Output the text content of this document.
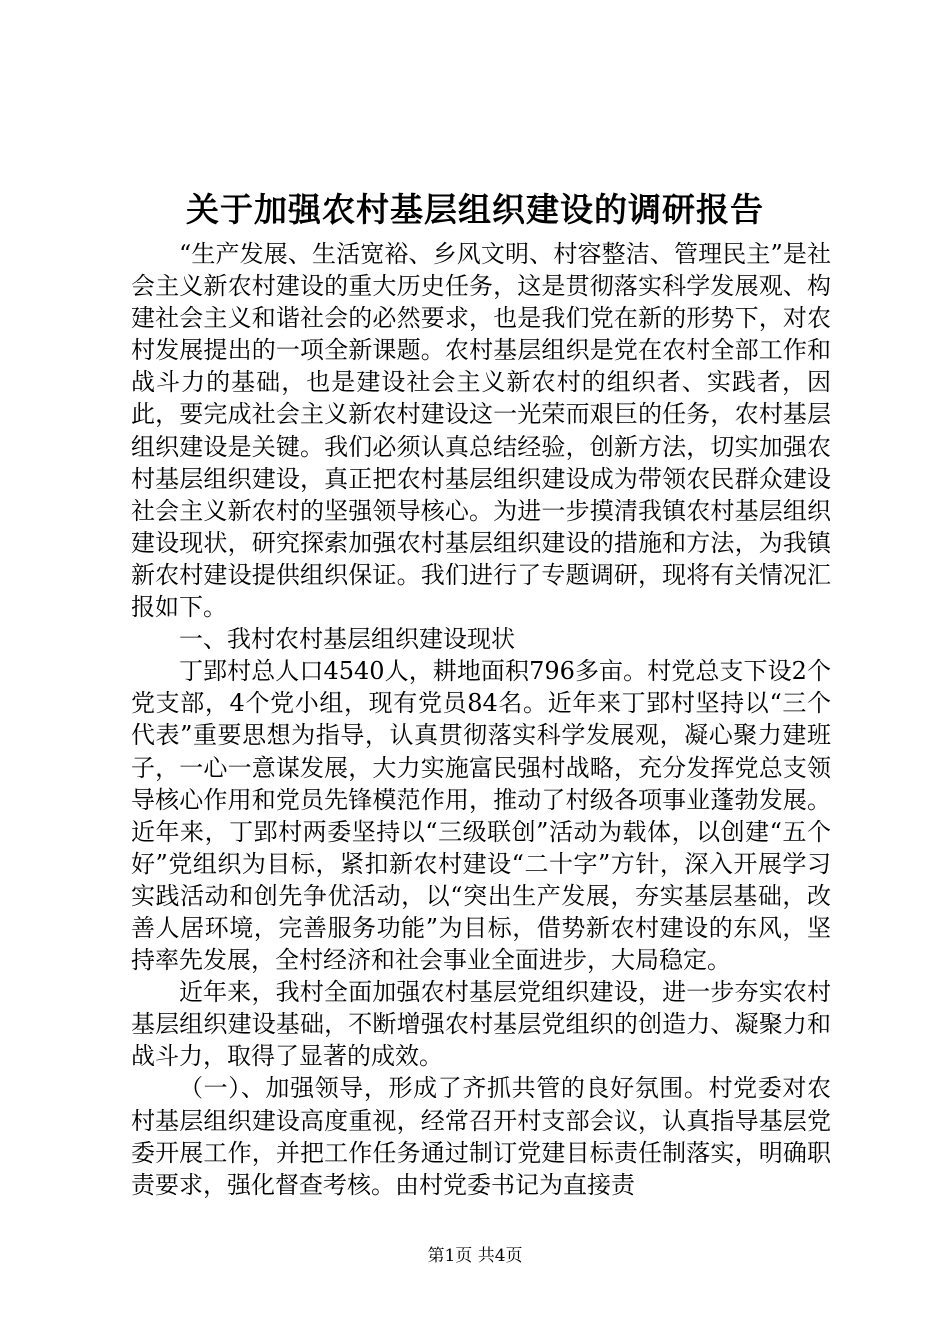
关于加强农村基层组织建设的调研报告

“生产发展、生活宽裕、乡风文明、村容整洁、管理民主”是社会主义新农村建设的重大历史任务，这是贯彻落实科学发展观、构建社会主义和谐社会的必然要求，也是我们党在新的形势下，对农村发展提出的一项全新课题。农村基层组织是党在农村全部工作和战斗力的基础，也是建设社会主义新农村的组织者、实践者，因此，要完成社会主义新农村建设这一光荣而艰巨的任务，农村基层组织建设是关键。我们必须认真总结经验，创新方法，切实加强农村基层组织建设，真正把农村基层组织建设成为带领农民群众建设社会主义新农村的坚强领导核心。为进一步摸清我镇农村基层组织建设现状，研究探索加强农村基层组织建设的措施和方法，为我镇新农村建设提供组织保证。我们进行了专题调研，现将有关情况汇报如下。

一、我村农村基层组织建设现状

丁郢村总人口4540人，耕地面积796多亩。村党总支下设2个党支部，4个党小组，现有党员84名。近年来丁郢村坚持以“三个代表”重要思想为指导，认真贯彻落实科学发展观，凝心聚力建班子，一心一意谋发展，大力实施富民强村战略，充分发挥党总支领导核心作用和党员先锋模范作用，推动了村级各项事业蓬勃发展。近年来，丁郢村两委坚持以“三级联创”活动为载体，以创建“五个好”党组织为目标，紧扣新农村建设“二十字”方针，深入开展学习实践活动和创先争优活动，以“突出生产发展，夯实基层基础，改善人居环境，完善服务功能”为目标，借势新农村建设的东风，坚持率先发展，全村经济和社会事业全面进步，大局稳定。

近年来，我村全面加强农村基层党组织建设，进一步夯实农村基层组织建设基础，不断增强农村基层党组织的创造力、凝聚力和战斗力，取得了显著的成效。

（一）、加强领导，形成了齐抓共管的良好氛围。村党委对农村基层组织建设高度重视，经常召开村支部会议，认真指导基层党委开展工作，并把工作任务通过制订党建目标责任制落实，明确职责要求，强化督查考核。由村党委书记为直接责

第1页 共4页
